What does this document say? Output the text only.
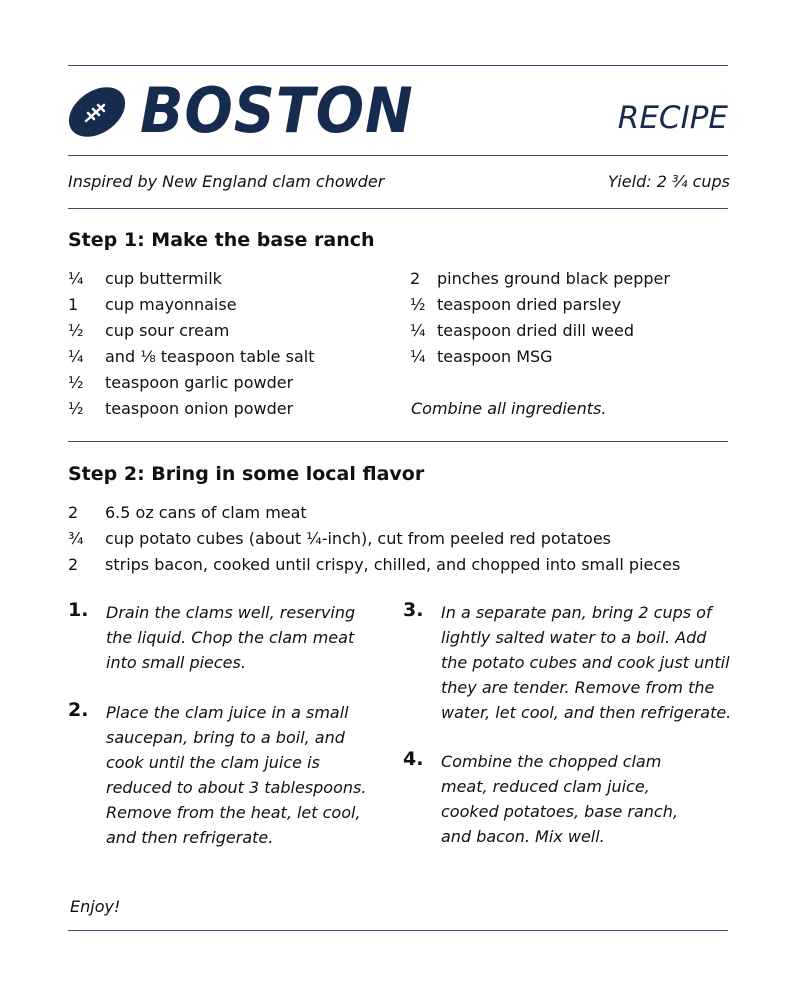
BOSTON	RECIPE
Inspired by New England clam chowder	Yield: 2 ¾ cups
Step 1: Make the base ranch
Combine all ingredients.
Step 2: Bring in some local flavor
Enjoy!
¼ cup buttermilk
1 cup mayonnaise
½ cup sour cream
¼ and ⅛ teaspoon table salt
½ teaspoon garlic powder
½ teaspoon onion powder
2 pinches ground black pepper
½ teaspoon dried parsley
¼ teaspoon dried dill weed
¼ teaspoon MSG
2 6.5 oz cans of clam meat
¾ cup potato cubes (about ¼-inch), cut from peeled red potatoes
2 strips bacon, cooked until crispy, chilled, and chopped into small pieces
1. Drain the clams well, reserving
the liquid. Chop the clam meat
into small pieces.
2. Place the clam juice in a small
saucepan, bring to a boil, and
cook until the clam juice is
reduced to about 3 tablespoons.
Remove from the heat, let cool,
and then refrigerate.
3. In a separate pan, bring 2 cups of
lightly salted water to a boil. Add
the potato cubes and cook just until
they are tender. Remove from the
water, let cool, and then refrigerate.
4. Combine the chopped clam
meat, reduced clam juice,
cooked potatoes, base ranch,
and bacon. Mix well.
